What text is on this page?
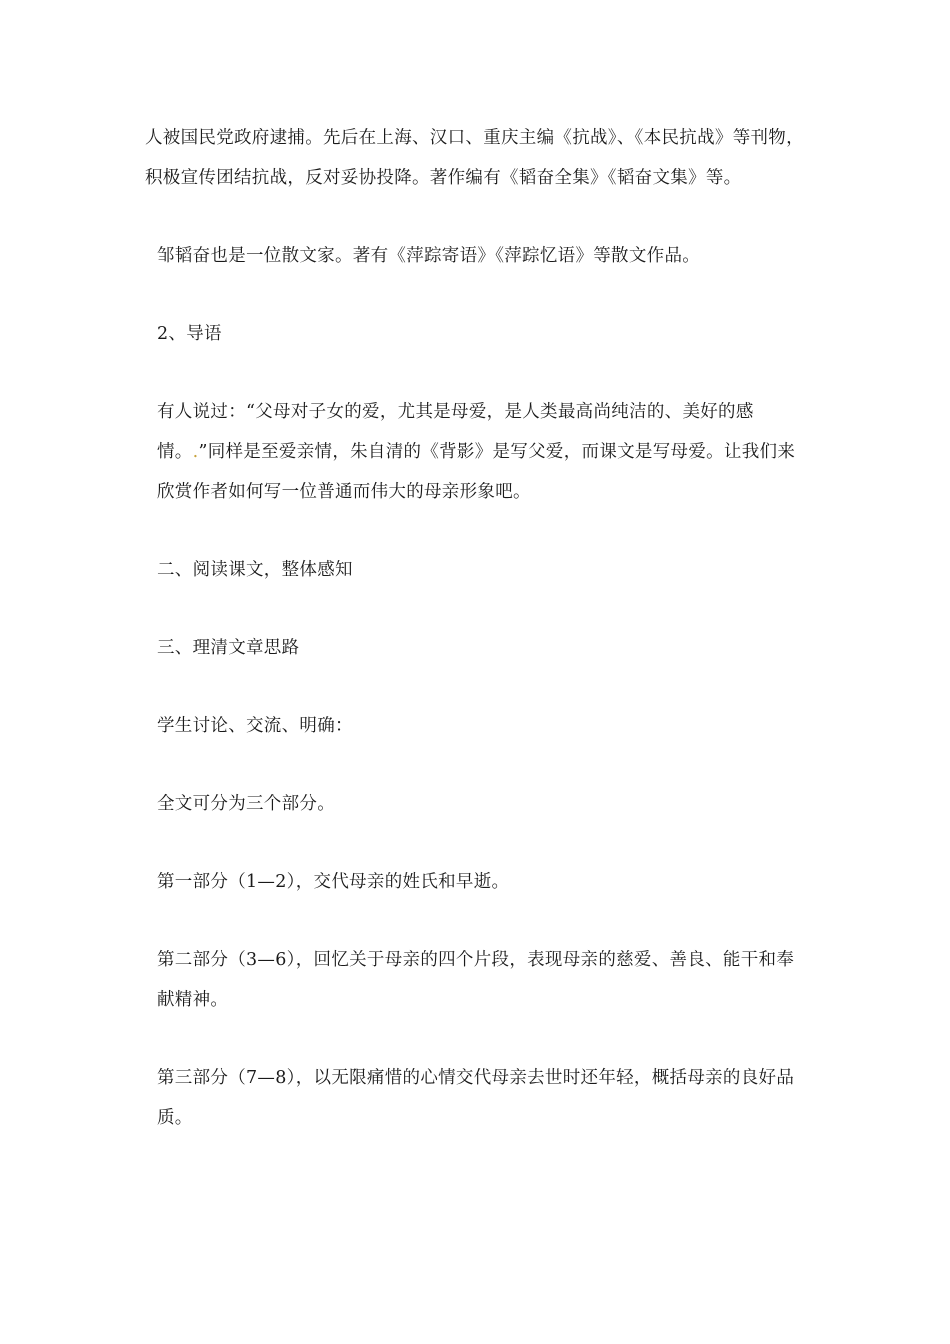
人被国民党政府逮捕。先后在上海、汉口、重庆主编《抗战》、《本民抗战》等刊物，积极宣传团结抗战，反对妥协投降。著作编有《韬奋全集》《韬奋文集》等。

邹韬奋也是一位散文家。著有《萍踪寄语》《萍踪忆语》等散文作品。

2、导语

有人说过：“父母对子女的爱，尤其是母爱，是人类最高尚纯洁的、美好的感情。.”同样是至爱亲情，朱自清的《背影》是写父爱，而课文是写母爱。让我们来欣赏作者如何写一位普通而伟大的母亲形象吧。

二、阅读课文，整体感知

三、理清文章思路

学生讨论、交流、明确：

全文可分为三个部分。

第一部分（1—2），交代母亲的姓氏和早逝。

第二部分（3—6），回忆关于母亲的四个片段，表现母亲的慈爱、善良、能干和奉献精神。

第三部分（7—8），以无限痛惜的心情交代母亲去世时还年轻，概括母亲的良好品质。
